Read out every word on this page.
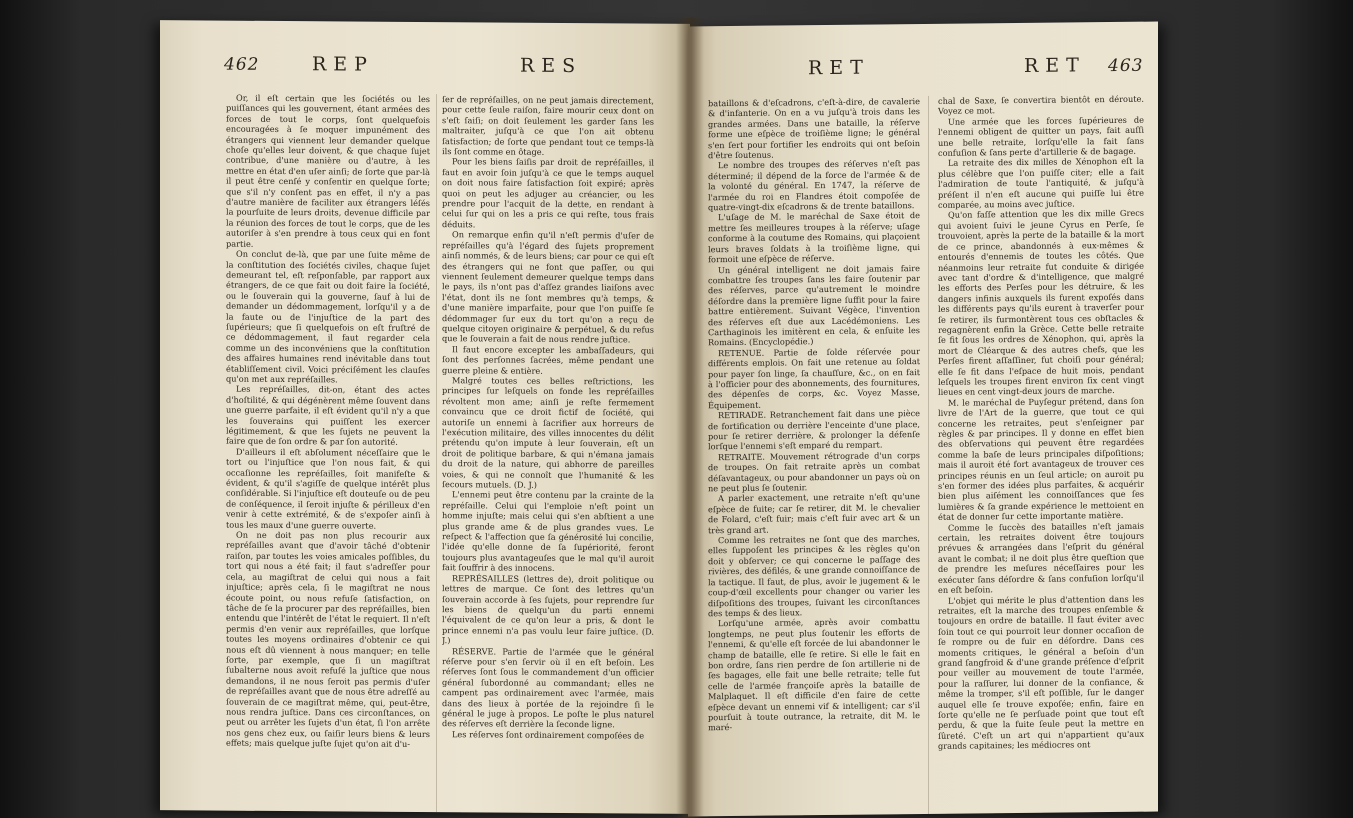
462	REP	RES

Or, il eſt certain que les ſociétés ou les puiſſances qui les gouvernent, étant armées des forces de tout le corps, ſont quelquefois encouragées à ſe moquer impunément des étrangers qui viennent leur demander quelque choſe qu'elles leur doivent, & que chaque ſujet contribue, d'une manière ou d'autre, à les mettre en état d'en uſer ainſi; de ſorte que par-là il peut être cenſé y conſentir en quelque ſorte; que s'il n'y conſent pas en effet, il n'y a pas d'autre manière de faciliter aux étrangers léſés la pourſuite de leurs droits, devenue difficile par la réunion des forces de tout le corps, que de les autoriſer à s'en prendre à tous ceux qui en font partie.

On conclut de-là, que par une ſuite même de la conſtitution des ſociétés civiles, chaque ſujet demeurant tel, eſt reſponſable, par rapport aux étrangers, de ce que fait ou doit faire la ſociété, ou le ſouverain qui la gouverne, ſauf à lui de demander un dédommagement, lorſqu'il y a de la faute ou de l'injuſtice de la part des ſupérieurs; que ſi quelquefois on eſt fruſtré de ce dédommagement, il faut regarder cela comme un des inconvéniens que la conſtitution des affaires humaines rend inévitable dans tout établiſſement civil. Voici préciſément les clauſes qu'on met aux repréſailles.

Les repréſailles, dit-on, étant des actes d'hoſtilité, & qui dégénèrent même ſouvent dans une guerre parfaite, il eſt évident qu'il n'y a que les ſouverains qui puiſſent les exercer légitimement, & que les ſujets ne peuvent la faire que de ſon ordre & par ſon autorité.

D'ailleurs il eſt abſolument néceſſaire que le tort ou l'injuſtice que l'on nous fait, & qui occaſionne les repréſailles, ſoit manifeſte & évident, & qu'il s'agiſſe de quelque intérêt plus conſidérable. Si l'injuſtice eſt douteuſe ou de peu de conſéquence, il ſeroit injuſte & périlleux d'en venir à cette extrémité, & de s'expoſer ainſi à tous les maux d'une guerre ouverte.

On ne doit pas non plus recourir aux repréſailles avant que d'avoir tâché d'obtenir raiſon, par toutes les voies amicales poſſibles, du tort qui nous a été fait; il faut s'adreſſer pour cela, au magiſtrat de celui qui nous a fait injuſtice; après cela, ſi le magiſtrat ne nous écoute point, ou nous refuſe ſatisfaction, on tâche de ſe la procurer par des repréſailles, bien entendu que l'intérêt de l'état le requiert. Il n'eſt permis d'en venir aux repréſailles, que lorſque toutes les moyens ordinaires d'obtenir ce qui nous eſt dû viennent à nous manquer; en telle ſorte, par exemple, que ſi un magiſtrat ſubalterne nous avoit refuſé la juſtice que nous demandons, il ne nous ſeroit pas permis d'uſer de repréſailles avant que de nous être adreſſé au ſouverain de ce magiſtrat même, qui, peut-être, nous rendra juſtice. Dans ces circonſtances, on peut ou arrêter les ſujets d'un état, ſi l'on arrête nos gens chez eux, ou ſaiſir leurs biens & leurs effets; mais quelque juſte ſujet qu'on ait d'u-

ſer de repréſailles, on ne peut jamais directement, pour cette ſeule raiſon, faire mourir ceux dont on s'eſt ſaiſi; on doit ſeulement les garder ſans les maltraiter, juſqu'à ce que l'on ait obtenu ſatisfaction; de ſorte que pendant tout ce temps-là ils ſont comme en ôtage.

Pour les biens ſaiſis par droit de repréſailles, il faut en avoir ſoin juſqu'à ce que le temps auquel on doit nous faire ſatisfaction ſoit expiré; après quoi on peut les adjuger au créancier, ou les prendre pour l'acquit de la dette, en rendant à celui ſur qui on les a pris ce qui reſte, tous frais déduits.

On remarque enfin qu'il n'eſt permis d'uſer de repréſailles qu'à l'égard des ſujets proprement ainſi nommés, & de leurs biens; car pour ce qui eſt des étrangers qui ne font que paſſer, ou qui viennent ſeulement demeurer quelque temps dans le pays, ils n'ont pas d'aſſez grandes liaiſons avec l'état, dont ils ne ſont membres qu'à temps, & d'une manière imparfaite, pour que l'on puiſſe ſe dédommager ſur eux du tort qu'on a reçu de quelque citoyen originaire & perpétuel, & du refus que le ſouverain a fait de nous rendre juſtice.

Il faut encore excepter les ambaſſadeurs, qui ſont des perſonnes ſacrées, même pendant une guerre pleine & entière.

Malgré toutes ces belles reſtrictions, les principes ſur leſquels on fonde les repréſailles révoltent mon ame; ainſi je reſte fermement convaincu que ce droit fictif de ſociété, qui autoriſe un ennemi à ſacrifier aux horreurs de l'exécution militaire, des villes innocentes du délit prétendu qu'on impute à leur ſouverain, eſt un droit de politique barbare, & qui n'émana jamais du droit de la nature, qui abhorre de pareilles voies, & qui ne connoît que l'humanité & les ſecours mutuels. (D. J.)

L'ennemi peut être contenu par la crainte de la repréſaille. Celui qui l'emploie n'eſt point un homme injuſte; mais celui qui s'en abſtient a une plus grande ame & de plus grandes vues. Le reſpect & l'affection que ſa générosité lui concilie, l'idée qu'elle donne de ſa ſupériorité, feront toujours plus avantageuſes que le mal qu'il auroit fait ſouffrir à des innocens.

REPRÉSAILLES (lettres de), droit politique ou lettres de marque. Ce ſont des lettres qu'un ſouverain accorde à ſes ſujets, pour reprendre ſur les biens de quelqu'un du parti ennemi l'équivalent de ce qu'on leur a pris, & dont le prince ennemi n'a pas voulu leur faire juſtice. (D. J.)

RÉSERVE. Partie de l'armée que le général réſerve pour s'en ſervir où il en eſt beſoin. Les réſerves ſont ſous le commandement d'un officier général ſubordonné au commandant; elles ne campent pas ordinairement avec l'armée, mais dans des lieux à portée de la rejoindre ſi le général le juge à propos. Le poſte le plus naturel des réſerves eſt derrière la ſeconde ligne.

Les réſerves ſont ordinairement compoſées de

RET	RET 463

bataillons & d'eſcadrons, c'eſt-à-dire, de cavalerie & d'infanterie. On en a vu juſqu'à trois dans les grandes armées. Dans une bataille, la réſerve forme une eſpèce de troiſième ligne; le général s'en ſert pour fortifier les endroits qui ont beſoin d'être ſoutenus.

Le nombre des troupes des réſerves n'eſt pas déterminé; il dépend de la force de l'armée & de la volonté du général. En 1747, la réſerve de l'armée du roi en Flandres étoit compoſée de quatre-vingt-dix eſcadrons & de trente bataillons.

L'uſage de M. le maréchal de Saxe étoit de mettre ſes meilleures troupes à la réſerve; uſage conforme à la coutume des Romains, qui plaçoient leurs braves ſoldats à la troiſième ligne, qui formoit une eſpèce de réſerve.

Un général intelligent ne doit jamais faire combattre ſes troupes ſans les faire ſoutenir par des réſerves, parce qu'autrement le moindre déſordre dans la première ligne ſuffit pour la faire battre entièrement. Suivant Végèce, l'invention des réſerves eſt due aux Lacédémoniens. Les Carthaginois les imitèrent en cela, & enſuite les Romains. (Encyclopédie.)

RETENUE. Partie de ſolde réſervée pour différents emplois. On fait une retenue au ſoldat pour payer ſon linge, ſa chauſſure, &c., on en fait à l'officier pour des abonnements, des fournitures, des dépenſes de corps, &c. Voyez Masse, Équipement.

RETIRADE. Retranchement fait dans une pièce de fortification ou derrière l'enceinte d'une place, pour ſe retirer derrière, & prolonger la défenſe lorſque l'ennemi s'eſt emparé du rempart.

RETRAITE. Mouvement rétrograde d'un corps de troupes. On fait retraite après un combat déſavantageux, ou pour abandonner un pays où on ne peut plus ſe ſoutenir.

A parler exactement, une retraite n'eſt qu'une eſpèce de fuite; car ſe retirer, dit M. le chevalier de Folard, c'eſt fuir; mais c'eſt fuir avec art & un très grand art.

Comme les retraites ne ſont que des marches, elles ſuppoſent les principes & les règles qu'on doit y obſerver; ce qui concerne le paſſage des rivières, des défilés, & une grande connoiſſance de la tactique. Il faut, de plus, avoir le jugement & le coup-d'œil excellents pour changer ou varier les diſpoſitions des troupes, ſuivant les circonſtances des temps & des lieux.

Lorſqu'une armée, après avoir combattu longtemps, ne peut plus ſoutenir les efforts de l'ennemi, & qu'elle eſt forcée de lui abandonner le champ de bataille, elle ſe retire. Si elle le fait en bon ordre, ſans rien perdre de ſon artillerie ni de ſes bagages, elle fait une belle retraite; telle fut celle de l'armée françoiſe après la bataille de Malplaquet. Il eſt difficile d'en faire de cette eſpèce devant un ennemi vif & intelligent; car s'il pourſuit à toute outrance, la retraite, dit M. le maré-

chal de Saxe, ſe convertira bientôt en déroute. Voyez ce mot.

Une armée que les forces ſupérieures de l'ennemi obligent de quitter un pays, fait auſſi une belle retraite, lorſqu'elle la fait ſans confuſion & ſans perte d'artillerie & de bagage.

La retraite des dix milles de Xénophon eſt la plus célèbre que l'on puiſſe citer; elle a fait l'admiration de toute l'antiquité, & juſqu'à préſent il n'en eſt aucune qui puiſſe lui être comparée, au moins avec juſtice.

Qu'on faſſe attention que les dix mille Grecs qui avoient ſuivi le jeune Cyrus en Perſe, ſe trouvoient, après la perte de la bataille & la mort de ce prince, abandonnés à eux-mêmes & entourés d'ennemis de toutes les côtés. Que néanmoins leur retraite fut conduite & dirigée avec tant d'ordre & d'intelligence, que malgré les efforts des Perſes pour les détruire, & les dangers infinis auxquels ils furent expoſés dans les différents pays qu'ils eurent à traverſer pour ſe retirer, ils furmontèrent tous ces obſtacles & regagnèrent enfin la Grèce. Cette belle retraite ſe fit ſous les ordres de Xénophon, qui, après la mort de Cléarque & des autres chefs, que les Perſes firent aſſaſſiner, fut choiſi pour général; elle ſe fit dans l'eſpace de huit mois, pendant leſquels les troupes firent environ ſix cent vingt lieues en cent vingt-deux jours de marche.

M. le maréchal de Puyſegur prétend, dans ſon livre de l'Art de la guerre, que tout ce qui concerne les retraites, peut s'enſeigner par règles & par principes. Il y donne en effet bien des obſervations qui peuvent être regardées comme la baſe de leurs principales diſpoſitions; mais il auroit été fort avantageux de trouver ces principes réunis en un ſeul article; on auroit pu s'en former des idées plus parfaites, & acquérir bien plus aiſément les connoiſſances que ſes lumières & ſa grande expérience le mettoient en état de donner ſur cette importante matière.

Comme le ſuccès des batailles n'eſt jamais certain, les retraites doivent être toujours prévues & arrangées dans l'eſprit du général avant le combat; il ne doit plus être queſtion que de prendre les meſures néceſſaires pour les exécuter ſans déſordre & ſans confuſion lorſqu'il en eſt beſoin.

L'objet qui mérite le plus d'attention dans les retraites, eſt la marche des troupes enſemble & toujours en ordre de bataille. Il faut éviter avec ſoin tout ce qui pourroit leur donner occaſion de ſe rompre ou de fuir en déſordre. Dans ces moments critiques, le général a beſoin d'un grand ſangfroid & d'une grande préſence d'eſprit pour veiller au mouvement de toute l'armée, pour la raſſurer, lui donner de la confiance, & même la tromper, s'il eſt poſſible, ſur le danger auquel elle ſe trouve expoſée; enfin, faire en ſorte qu'elle ne ſe perſuade point que tout eſt perdu, & que la fuite ſeule peut la mettre en ſûreté. C'eſt un art qui n'appartient qu'aux grands capitaines; les médiocres ont
